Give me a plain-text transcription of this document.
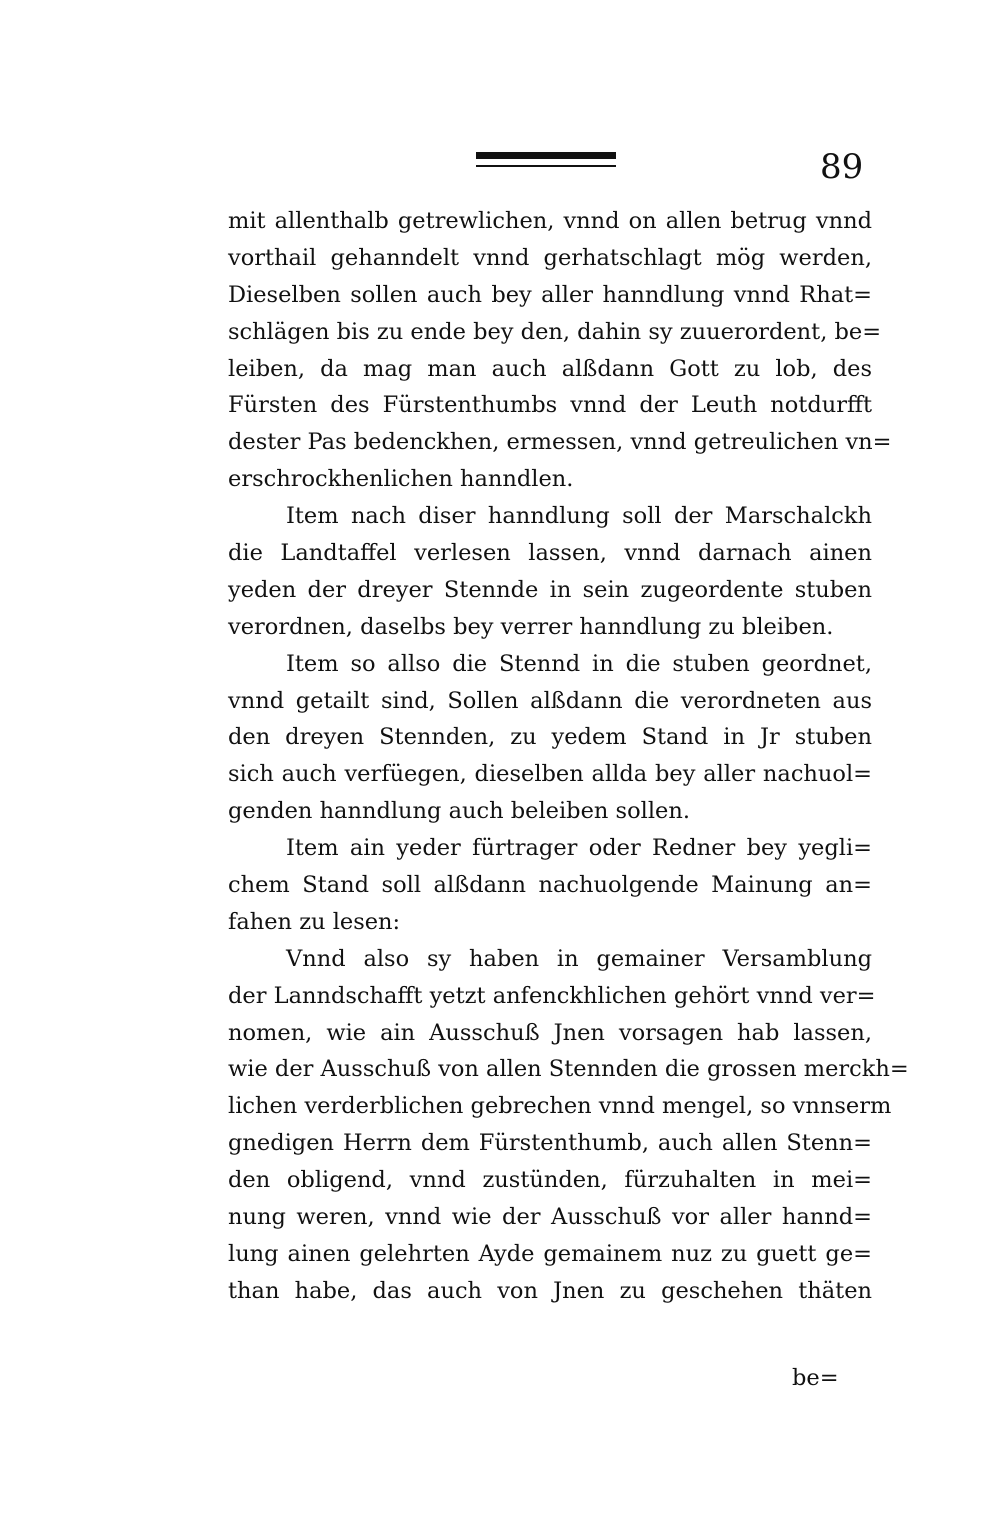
89
mit allenthalb getrewlichen, vnnd on allen betrug vnnd
vorthail gehanndelt vnnd gerhatschlagt mög werden,
Dieselben sollen auch bey aller hanndlung vnnd Rhat=
schlägen bis zu ende bey den, dahin sy zuuerordent, be=
leiben, da mag man auch alßdann Gott zu lob, des
Fürsten des Fürstenthumbs vnnd der Leuth notdurfft
dester Pas bedenckhen, ermessen, vnnd getreulichen vn=
erschrockhenlichen hanndlen.
Item nach diser hanndlung soll der Marschalckh
die Landtaffel verlesen lassen, vnnd darnach ainen
yeden der dreyer Stennde in sein zugeordente stuben
verordnen, daselbs bey verrer hanndlung zu bleiben.
Item so allso die Stennd in die stuben geordnet,
vnnd getailt sind, Sollen alßdann die verordneten aus
den dreyen Stennden, zu yedem Stand in Jr stuben
sich auch verfüegen, dieselben allda bey aller nachuol=
genden hanndlung auch beleiben sollen.
Item ain yeder fürtrager oder Redner bey yegli=
chem Stand soll alßdann nachuolgende Mainung an=
fahen zu lesen:
Vnnd also sy haben in gemainer Versamblung
der Lanndschafft yetzt anfenckhlichen gehört vnnd ver=
nomen, wie ain Ausschuß Jnen vorsagen hab lassen,
wie der Ausschuß von allen Stennden die grossen merckh=
lichen verderblichen gebrechen vnnd mengel, so vnnserm
gnedigen Herrn dem Fürstenthumb, auch allen Stenn=
den obligend, vnnd zustünden, fürzuhalten in mei=
nung weren, vnnd wie der Ausschuß vor aller hannd=
lung ainen gelehrten Ayde gemainem nuz zu guett ge=
than habe, das auch von Jnen zu geschehen thäten
be=
